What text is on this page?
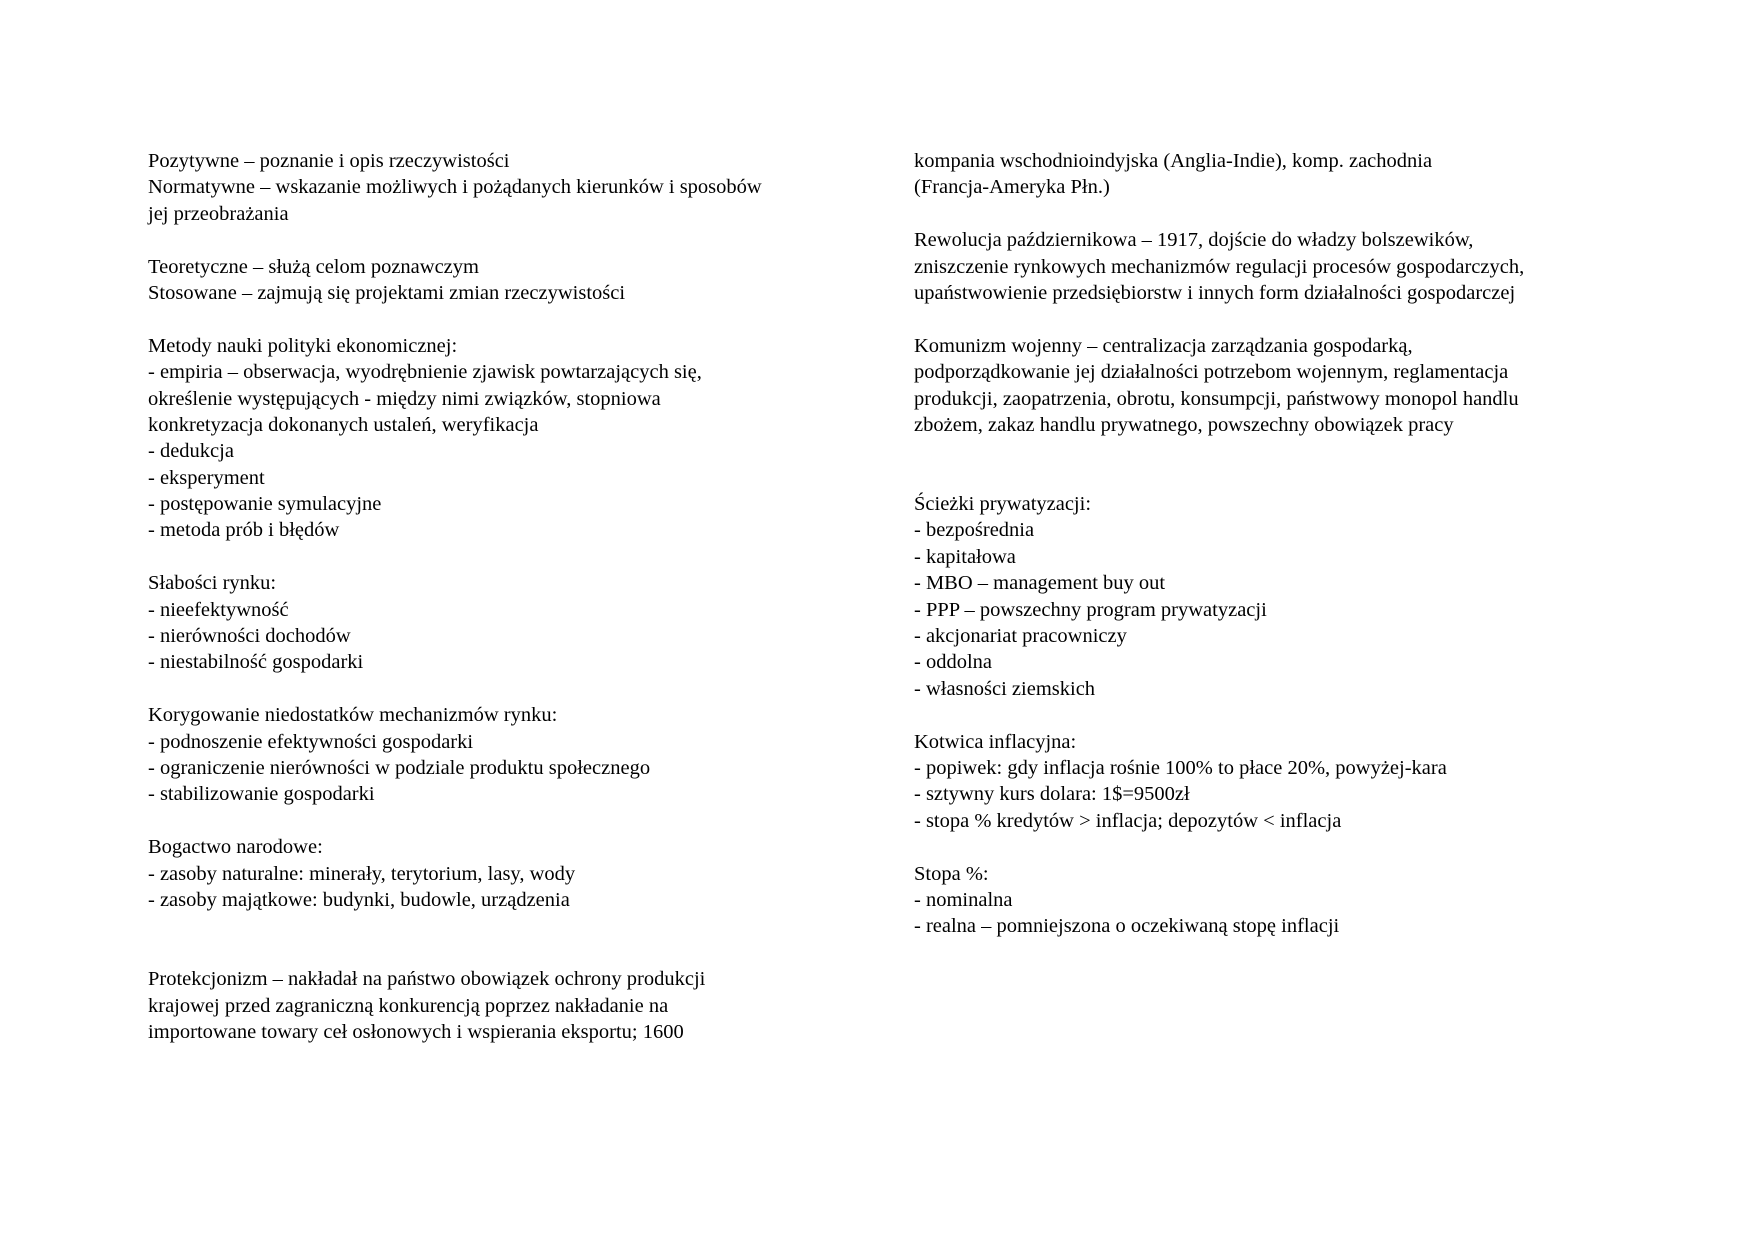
Pozytywne – poznanie i opis rzeczywistości
Normatywne – wskazanie możliwych i pożądanych kierunków i sposobów
jej przeobrażania
Teoretyczne – służą celom poznawczym
Stosowane – zajmują się projektami zmian rzeczywistości
Metody nauki polityki ekonomicznej:
- empiria – obserwacja, wyodrębnienie zjawisk powtarzających się,
określenie występujących - między nimi związków, stopniowa
konkretyzacja dokonanych ustaleń, weryfikacja
- dedukcja
- eksperyment
- postępowanie symulacyjne
- metoda prób i błędów
Słabości rynku:
- nieefektywność
- nierówności dochodów
- niestabilność gospodarki
Korygowanie niedostatków mechanizmów rynku:
- podnoszenie efektywności gospodarki
- ograniczenie nierówności w podziale produktu społecznego
- stabilizowanie gospodarki
Bogactwo narodowe:
- zasoby naturalne: minerały, terytorium, lasy, wody
- zasoby majątkowe: budynki, budowle, urządzenia
Protekcjonizm – nakładał na państwo obowiązek ochrony produkcji
krajowej przed zagraniczną konkurencją poprzez nakładanie na
importowane towary ceł osłonowych i wspierania eksportu; 1600
kompania wschodnioindyjska (Anglia-Indie), komp. zachodnia
(Francja-Ameryka Płn.)
Rewolucja październikowa – 1917, dojście do władzy bolszewików,
zniszczenie rynkowych mechanizmów regulacji procesów gospodarczych,
upaństwowienie przedsiębiorstw i innych form działalności gospodarczej
Komunizm wojenny – centralizacja zarządzania gospodarką,
podporządkowanie jej działalności potrzebom wojennym, reglamentacja
produkcji, zaopatrzenia, obrotu, konsumpcji, państwowy monopol handlu
zbożem, zakaz handlu prywatnego, powszechny obowiązek pracy
Ścieżki prywatyzacji:
- bezpośrednia
- kapitałowa
- MBO – management buy out
- PPP – powszechny program prywatyzacji
- akcjonariat pracowniczy
- oddolna
- własności ziemskich
Kotwica inflacyjna:
- popiwek: gdy inflacja rośnie 100% to płace 20%, powyżej-kara
- sztywny kurs dolara: 1$=9500zł
- stopa % kredytów > inflacja; depozytów < inflacja
Stopa %:
- nominalna
- realna – pomniejszona o oczekiwaną stopę inflacji
